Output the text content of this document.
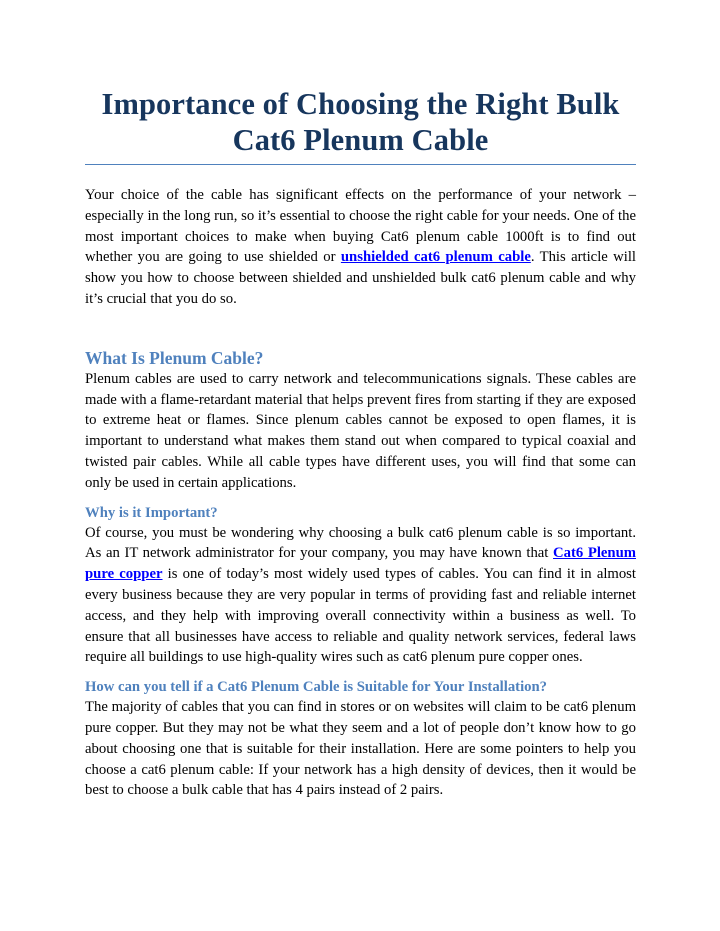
Importance of Choosing the Right Bulk Cat6 Plenum Cable

Your choice of the cable has significant effects on the performance of your network – especially in the long run, so it’s essential to choose the right cable for your needs. One of the most important choices to make when buying Cat6 plenum cable 1000ft is to find out whether you are going to use shielded or unshielded cat6 plenum cable. This article will show you how to choose between shielded and unshielded bulk cat6 plenum cable and why it’s crucial that you do so.

What Is Plenum Cable?

Plenum cables are used to carry network and telecommunications signals. These cables are made with a flame-retardant material that helps prevent fires from starting if they are exposed to extreme heat or flames. Since plenum cables cannot be exposed to open flames, it is important to understand what makes them stand out when compared to typical coaxial and twisted pair cables. While all cable types have different uses, you will find that some can only be used in certain applications.

Why is it Important?

Of course, you must be wondering why choosing a bulk cat6 plenum cable is so important. As an IT network administrator for your company, you may have known that Cat6 Plenum pure copper is one of today’s most widely used types of cables. You can find it in almost every business because they are very popular in terms of providing fast and reliable internet access, and they help with improving overall connectivity within a business as well. To ensure that all businesses have access to reliable and quality network services, federal laws require all buildings to use high-quality wires such as cat6 plenum pure copper ones.

How can you tell if a Cat6 Plenum Cable is Suitable for Your Installation?

The majority of cables that you can find in stores or on websites will claim to be cat6 plenum pure copper. But they may not be what they seem and a lot of people don’t know how to go about choosing one that is suitable for their installation. Here are some pointers to help you choose a cat6 plenum cable: If your network has a high density of devices, then it would be best to choose a bulk cable that has 4 pairs instead of 2 pairs.
